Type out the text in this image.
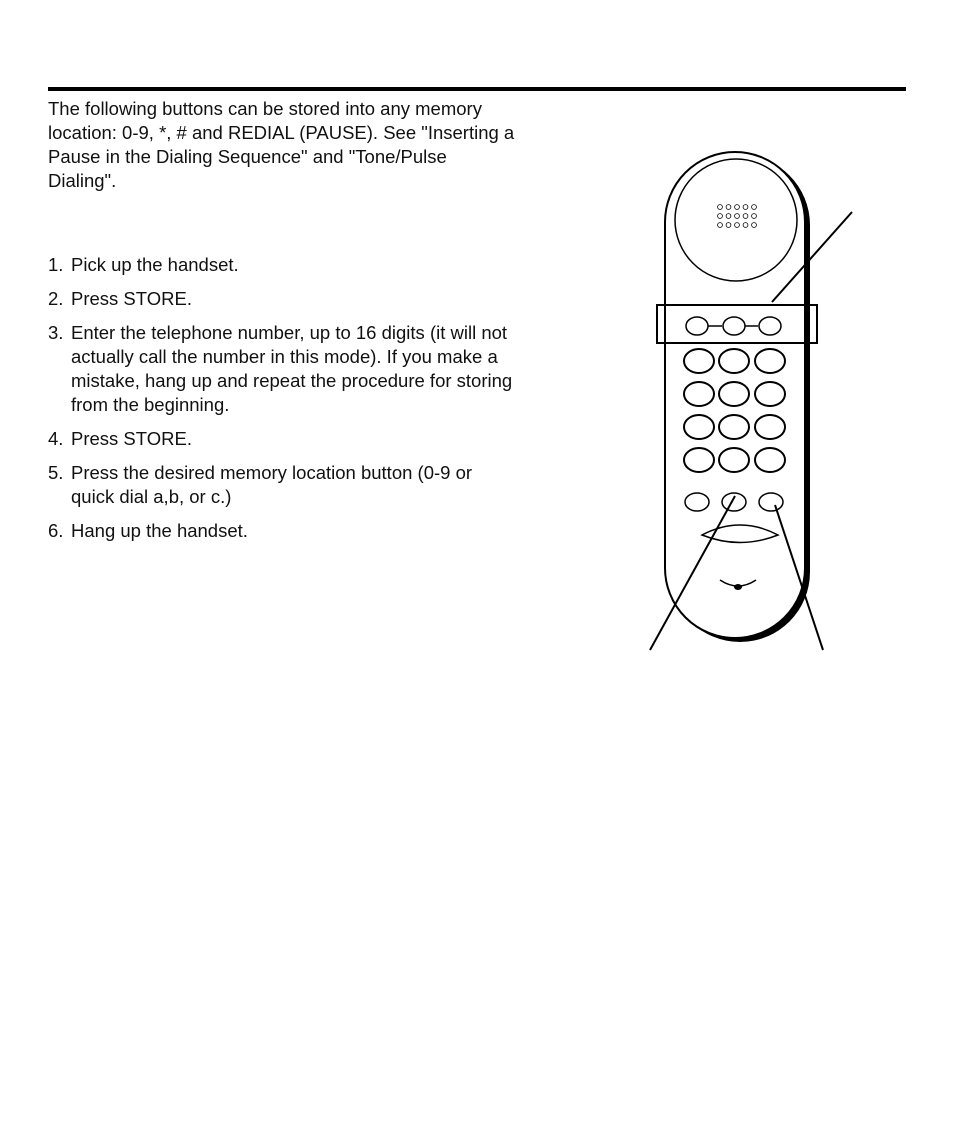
The following buttons can be stored into any memory
location: 0-9, *, # and REDIAL (PAUSE). See "Inserting a
Pause in the Dialing Sequence" and "Tone/Pulse
Dialing".

1. Pick up the handset.
2. Press STORE.
3. Enter the telephone number, up to 16 digits (it will not
actually call the number in this mode). If you make a
mistake, hang up and repeat the procedure for storing
from the beginning.
4. Press STORE.
5. Press the desired memory location button (0-9 or
quick dial a,b, or c.)
6. Hang up the handset.
